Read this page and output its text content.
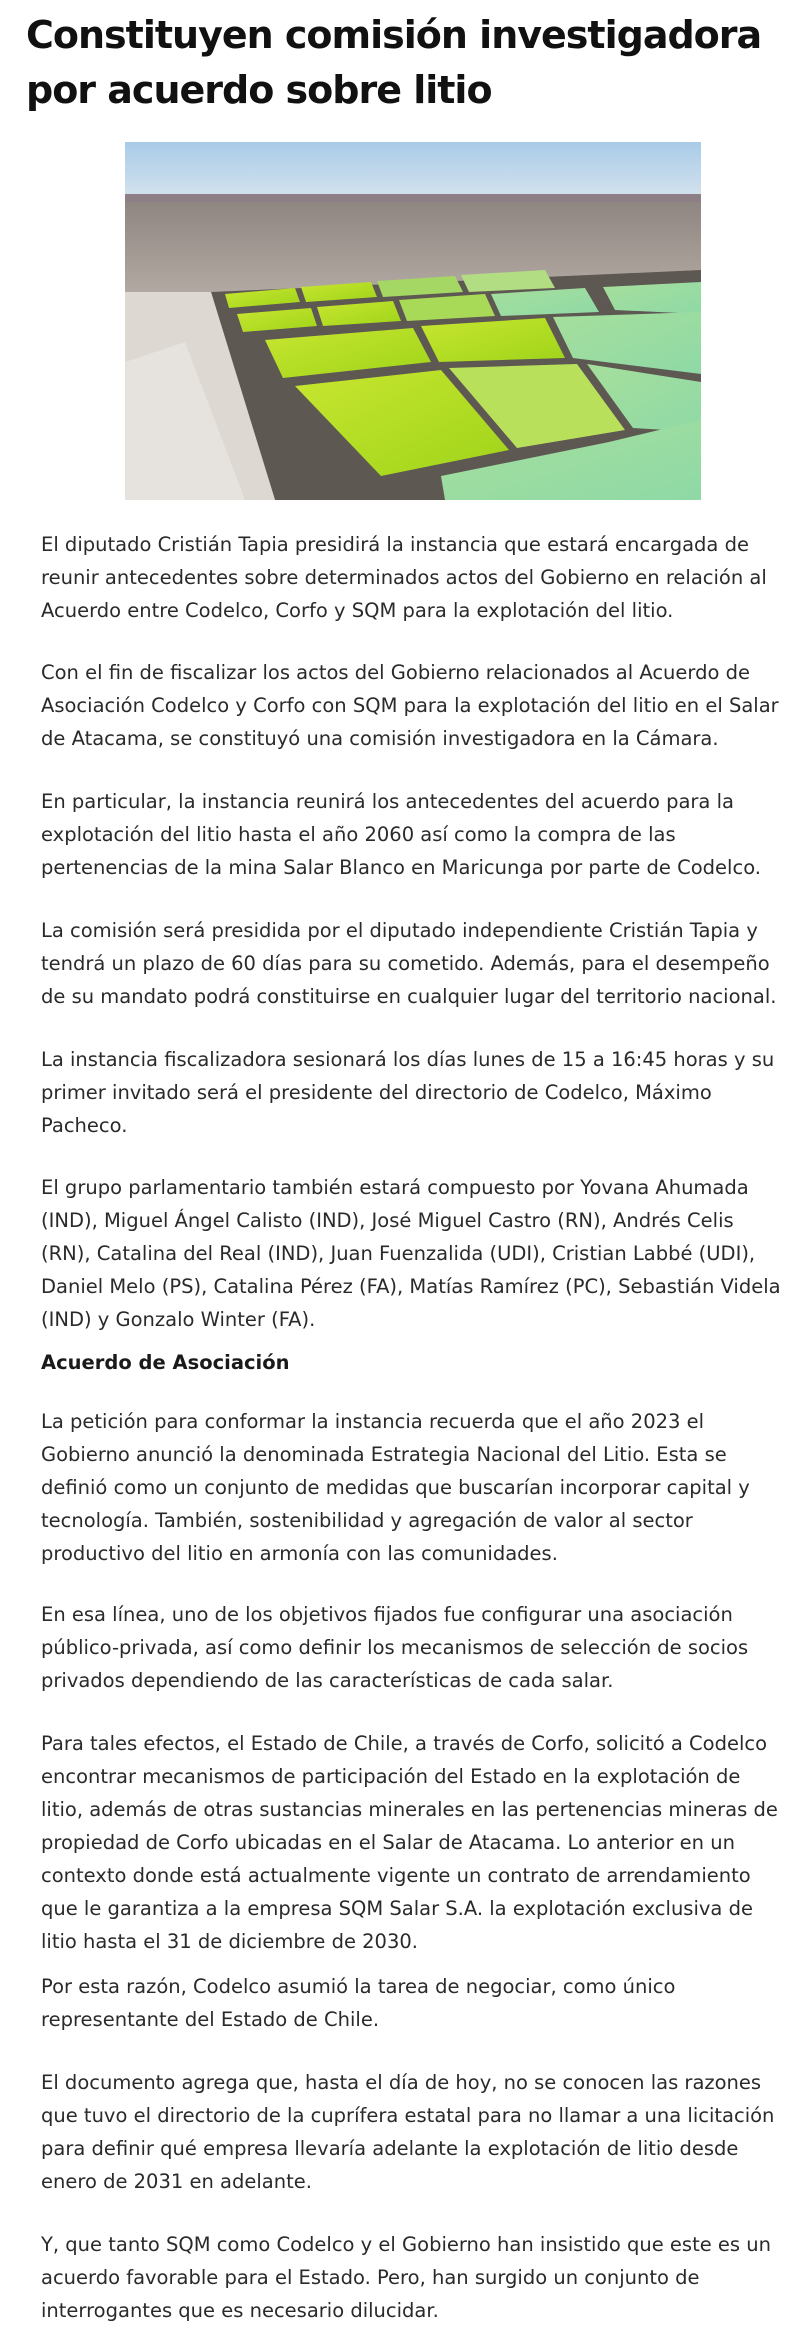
Constituyen comisión investigadora por acuerdo sobre litio

El diputado Cristián Tapia presidirá la instancia que estará encargada de reunir antecedentes sobre determinados actos del Gobierno en relación al Acuerdo entre Codelco, Corfo y SQM para la explotación del litio.

Con el fin de fiscalizar los actos del Gobierno relacionados al Acuerdo de Asociación Codelco y Corfo con SQM para la explotación del litio en el Salar de Atacama, se constituyó una comisión investigadora en la Cámara.

En particular, la instancia reunirá los antecedentes del acuerdo para la explotación del litio hasta el año 2060 así como la compra de las pertenencias de la mina Salar Blanco en Maricunga por parte de Codelco.

La comisión será presidida por el diputado independiente Cristián Tapia y tendrá un plazo de 60 días para su cometido. Además, para el desempeño de su mandato podrá constituirse en cualquier lugar del territorio nacional.

La instancia fiscalizadora sesionará los días lunes de 15 a 16:45 horas y su primer invitado será el presidente del directorio de Codelco, Máximo Pacheco.

El grupo parlamentario también estará compuesto por Yovana Ahumada (IND), Miguel Ángel Calisto (IND), José Miguel Castro (RN), Andrés Celis (RN), Catalina del Real (IND), Juan Fuenzalida (UDI), Cristian Labbé (UDI), Daniel Melo (PS), Catalina Pérez (FA), Matías Ramírez (PC), Sebastián Videla (IND) y Gonzalo Winter (FA).

Acuerdo de Asociación

La petición para conformar la instancia recuerda que el año 2023 el Gobierno anunció la denominada Estrategia Nacional del Litio. Esta se definió como un conjunto de medidas que buscarían incorporar capital y tecnología. También, sostenibilidad y agregación de valor al sector productivo del litio en armonía con las comunidades.

En esa línea, uno de los objetivos fijados fue configurar una asociación público-privada, así como definir los mecanismos de selección de socios privados dependiendo de las características de cada salar.

Para tales efectos, el Estado de Chile, a través de Corfo, solicitó a Codelco encontrar mecanismos de participación del Estado en la explotación de litio, además de otras sustancias minerales en las pertenencias mineras de propiedad de Corfo ubicadas en el Salar de Atacama. Lo anterior en un contexto donde está actualmente vigente un contrato de arrendamiento que le garantiza a la empresa SQM Salar S.A. la explotación exclusiva de litio hasta el 31 de diciembre de 2030.

Por esta razón, Codelco asumió la tarea de negociar, como único representante del Estado de Chile.

El documento agrega que, hasta el día de hoy, no se conocen las razones que tuvo el directorio de la cuprífera estatal para no llamar a una licitación para definir qué empresa llevaría adelante la explotación de litio desde enero de 2031 en adelante.

Y, que tanto SQM como Codelco y el Gobierno han insistido que este es un acuerdo favorable para el Estado. Pero, han surgido un conjunto de interrogantes que es necesario dilucidar.
